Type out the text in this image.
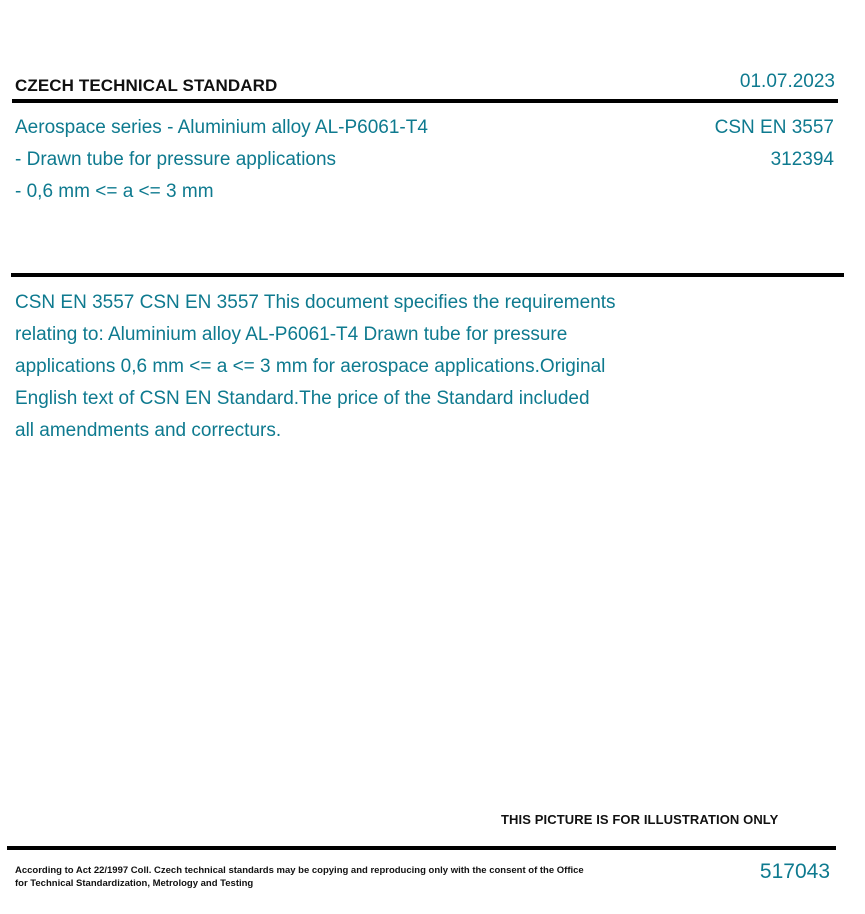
CZECH TECHNICAL STANDARD	01.07.2023
Aerospace series - Aluminium alloy AL-P6061-T4
- Drawn tube for pressure applications
- 0,6 mm <= a <= 3 mm
CSN EN 3557
312394
CSN EN 3557 CSN EN 3557 This document specifies the requirements
relating to: Aluminium alloy AL-P6061-T4 Drawn tube for pressure
applications 0,6 mm <= a <= 3 mm for aerospace applications.Original
English text of CSN EN Standard.The price of the Standard included
all amendments and correcturs.
THIS PICTURE IS FOR ILLUSTRATION ONLY
According to Act 22/1997 Coll. Czech technical standards may be copying and reproducing only with the consent of the Office
for Technical Standardization, Metrology and Testing
517043
